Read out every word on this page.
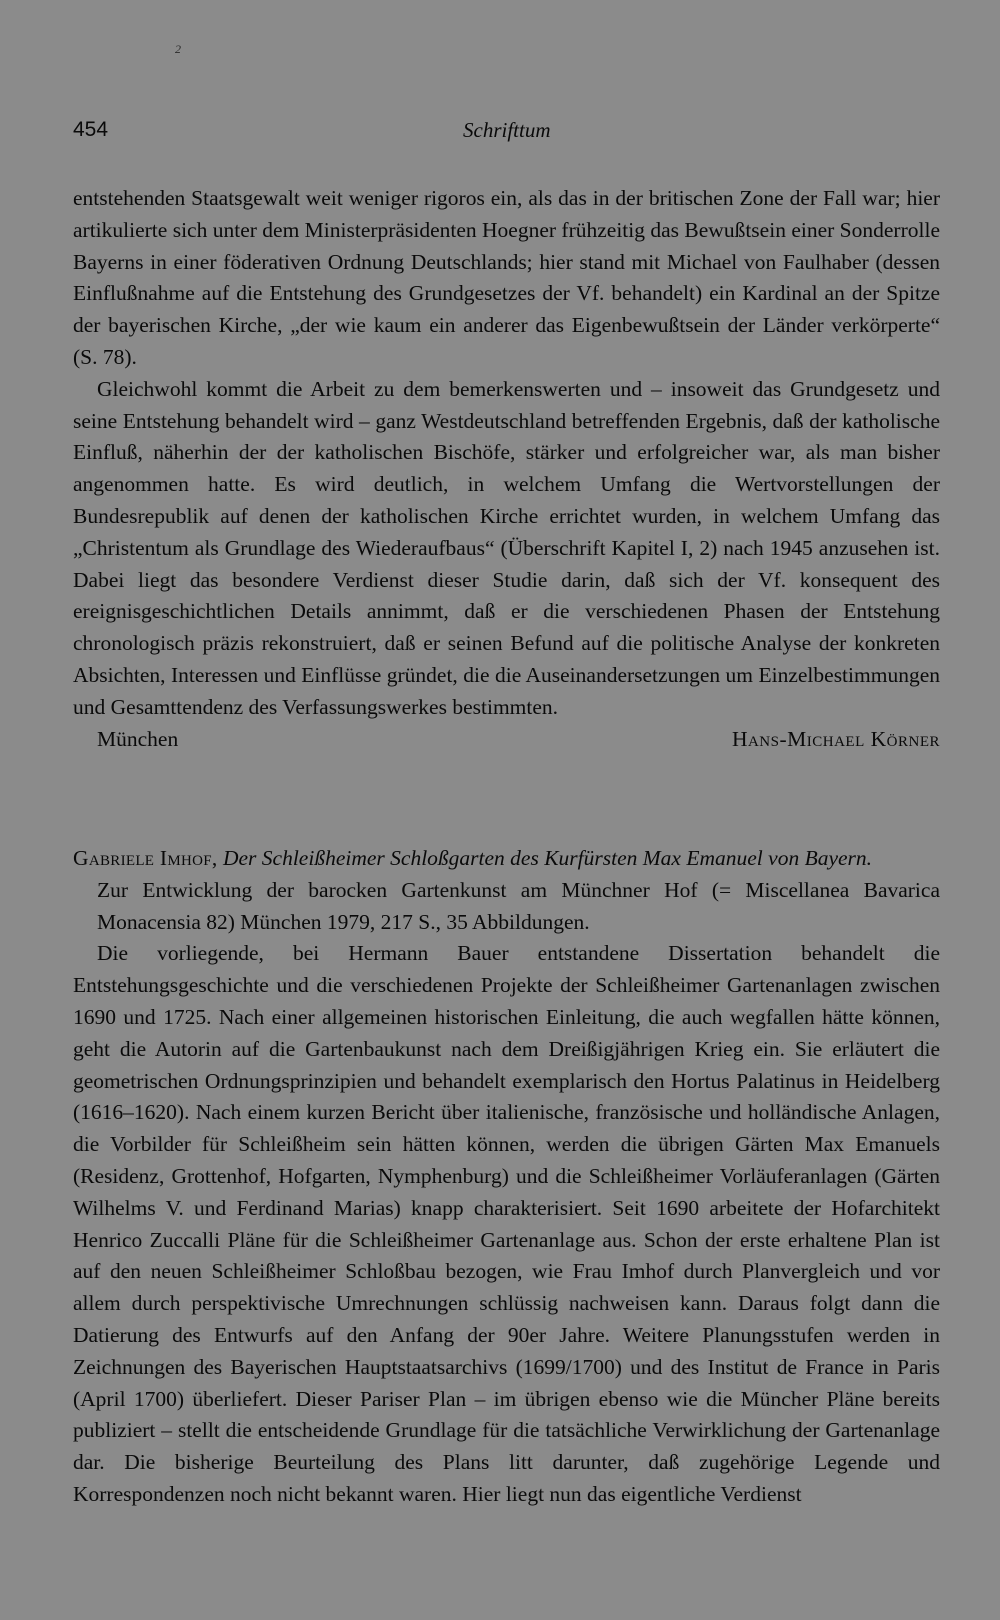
2
454	Schrifttum

entstehenden Staatsgewalt weit weniger rigoros ein, als das in der britischen Zone der Fall war; hier artikulierte sich unter dem Ministerpräsidenten Hoegner frühzeitig das Bewußtsein einer Sonderrolle Bayerns in einer föderativen Ordnung Deutschlands; hier stand mit Michael von Faulhaber (dessen Einflußnahme auf die Entstehung des Grundgesetzes der Vf. behandelt) ein Kardinal an der Spitze der bayerischen Kirche, „der wie kaum ein anderer das Eigenbewußtsein der Länder verkörperte“ (S. 78).

Gleichwohl kommt die Arbeit zu dem bemerkenswerten und – insoweit das Grundgesetz und seine Entstehung behandelt wird – ganz Westdeutschland betreffenden Ergebnis, daß der katholische Einfluß, näherhin der der katholischen Bischöfe, stärker und erfolgreicher war, als man bisher angenommen hatte. Es wird deutlich, in welchem Umfang die Wertvorstellungen der Bundesrepublik auf denen der katholischen Kirche errichtet wurden, in welchem Umfang das „Christentum als Grundlage des Wiederaufbaus“ (Überschrift Kapitel I, 2) nach 1945 anzusehen ist. Dabei liegt das besondere Verdienst dieser Studie darin, daß sich der Vf. konsequent des ereignisgeschichtlichen Details annimmt, daß er die verschiedenen Phasen der Entstehung chronologisch präzis rekonstruiert, daß er seinen Befund auf die politische Analyse der konkreten Absichten, Interessen und Einflüsse gründet, die die Auseinandersetzungen um Einzelbestimmungen und Gesamttendenz des Verfassungswerkes bestimmten.

München	Hans-Michael Körner

Gabriele Imhof, Der Schleißheimer Schloßgarten des Kurfürsten Max Emanuel von Bayern.

Zur Entwicklung der barocken Gartenkunst am Münchner Hof (= Miscellanea Bavarica Monacensia 82) München 1979, 217 S., 35 Abbildungen.

Die vorliegende, bei Hermann Bauer entstandene Dissertation behandelt die Entstehungsgeschichte und die verschiedenen Projekte der Schleißheimer Gartenanlagen zwischen 1690 und 1725. Nach einer allgemeinen historischen Einleitung, die auch wegfallen hätte können, geht die Autorin auf die Gartenbaukunst nach dem Dreißigjährigen Krieg ein. Sie erläutert die geometrischen Ordnungsprinzipien und behandelt exemplarisch den Hortus Palatinus in Heidelberg (1616–1620). Nach einem kurzen Bericht über italienische, französische und holländische Anlagen, die Vorbilder für Schleißheim sein hätten können, werden die übrigen Gärten Max Emanuels (Residenz, Grottenhof, Hofgarten, Nymphenburg) und die Schleißheimer Vorläuferanlagen (Gärten Wilhelms V. und Ferdinand Marias) knapp charakterisiert. Seit 1690 arbeitete der Hofarchitekt Henrico Zuccalli Pläne für die Schleißheimer Gartenanlage aus. Schon der erste erhaltene Plan ist auf den neuen Schleißheimer Schloßbau bezogen, wie Frau Imhof durch Planvergleich und vor allem durch perspektivische Umrechnungen schlüssig nachweisen kann. Daraus folgt dann die Datierung des Entwurfs auf den Anfang der 90er Jahre. Weitere Planungsstufen werden in Zeichnungen des Bayerischen Hauptstaatsarchivs (1699/1700) und des Institut de France in Paris (April 1700) überliefert. Dieser Pariser Plan – im übrigen ebenso wie die Müncher Pläne bereits publiziert – stellt die entscheidende Grundlage für die tatsächliche Verwirklichung der Gartenanlage dar. Die bisherige Beurteilung des Plans litt darunter, daß zugehörige Legende und Korrespondenzen noch nicht bekannt waren. Hier liegt nun das eigentliche Verdienst
